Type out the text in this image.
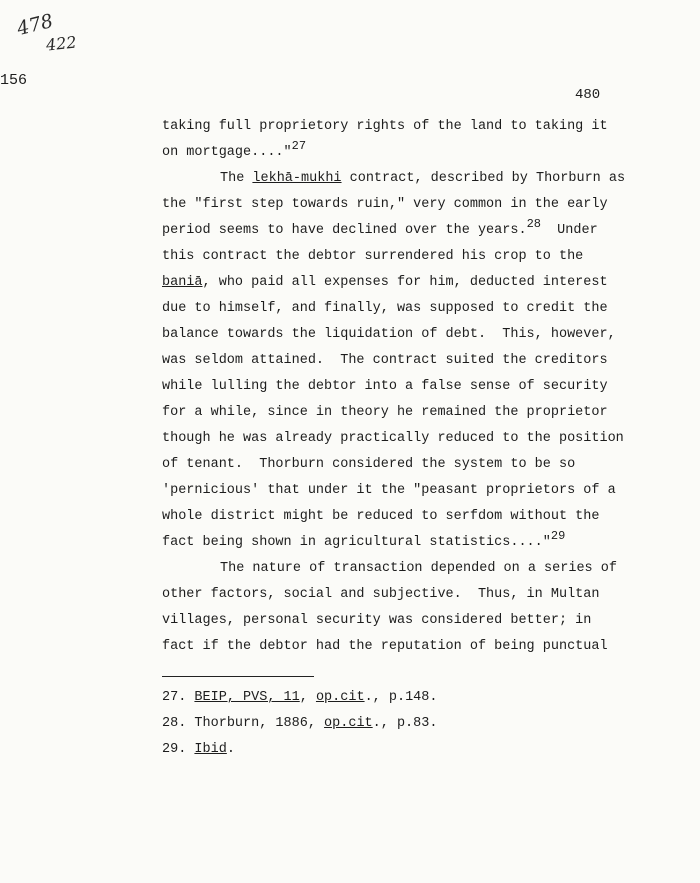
478
422
156
480
taking full proprietory rights of the land to taking it
on mortgage...."$^{27}$
The lekhā-mukhi contract, described by Thorburn as
the "first step towards ruin," very common in the early
period seems to have declined over the years.$^{28}$  Under
this contract the debtor surrendered his crop to the
baniā, who paid all expenses for him, deducted interest
due to himself, and finally, was supposed to credit the
balance towards the liquidation of debt.  This, however,
was seldom attained.  The contract suited the creditors
while lulling the debtor into a false sense of security
for a while, since in theory he remained the proprietor
though he was already practically reduced to the position
of tenant.  Thorburn considered the system to be so
'pernicious' that under it the "peasant proprietors of a
whole district might be reduced to serfdom without the
fact being shown in agricultural statistics...."$^{29}$
The nature of transaction depended on a series of
other factors, social and subjective.  Thus, in Multan
villages, personal security was considered better; in
fact if the debtor had the reputation of being punctual
27. BEIP, PVS, 11, op.cit., p.148.
28. Thorburn, 1886, op.cit., p.83.
29. Ibid.
